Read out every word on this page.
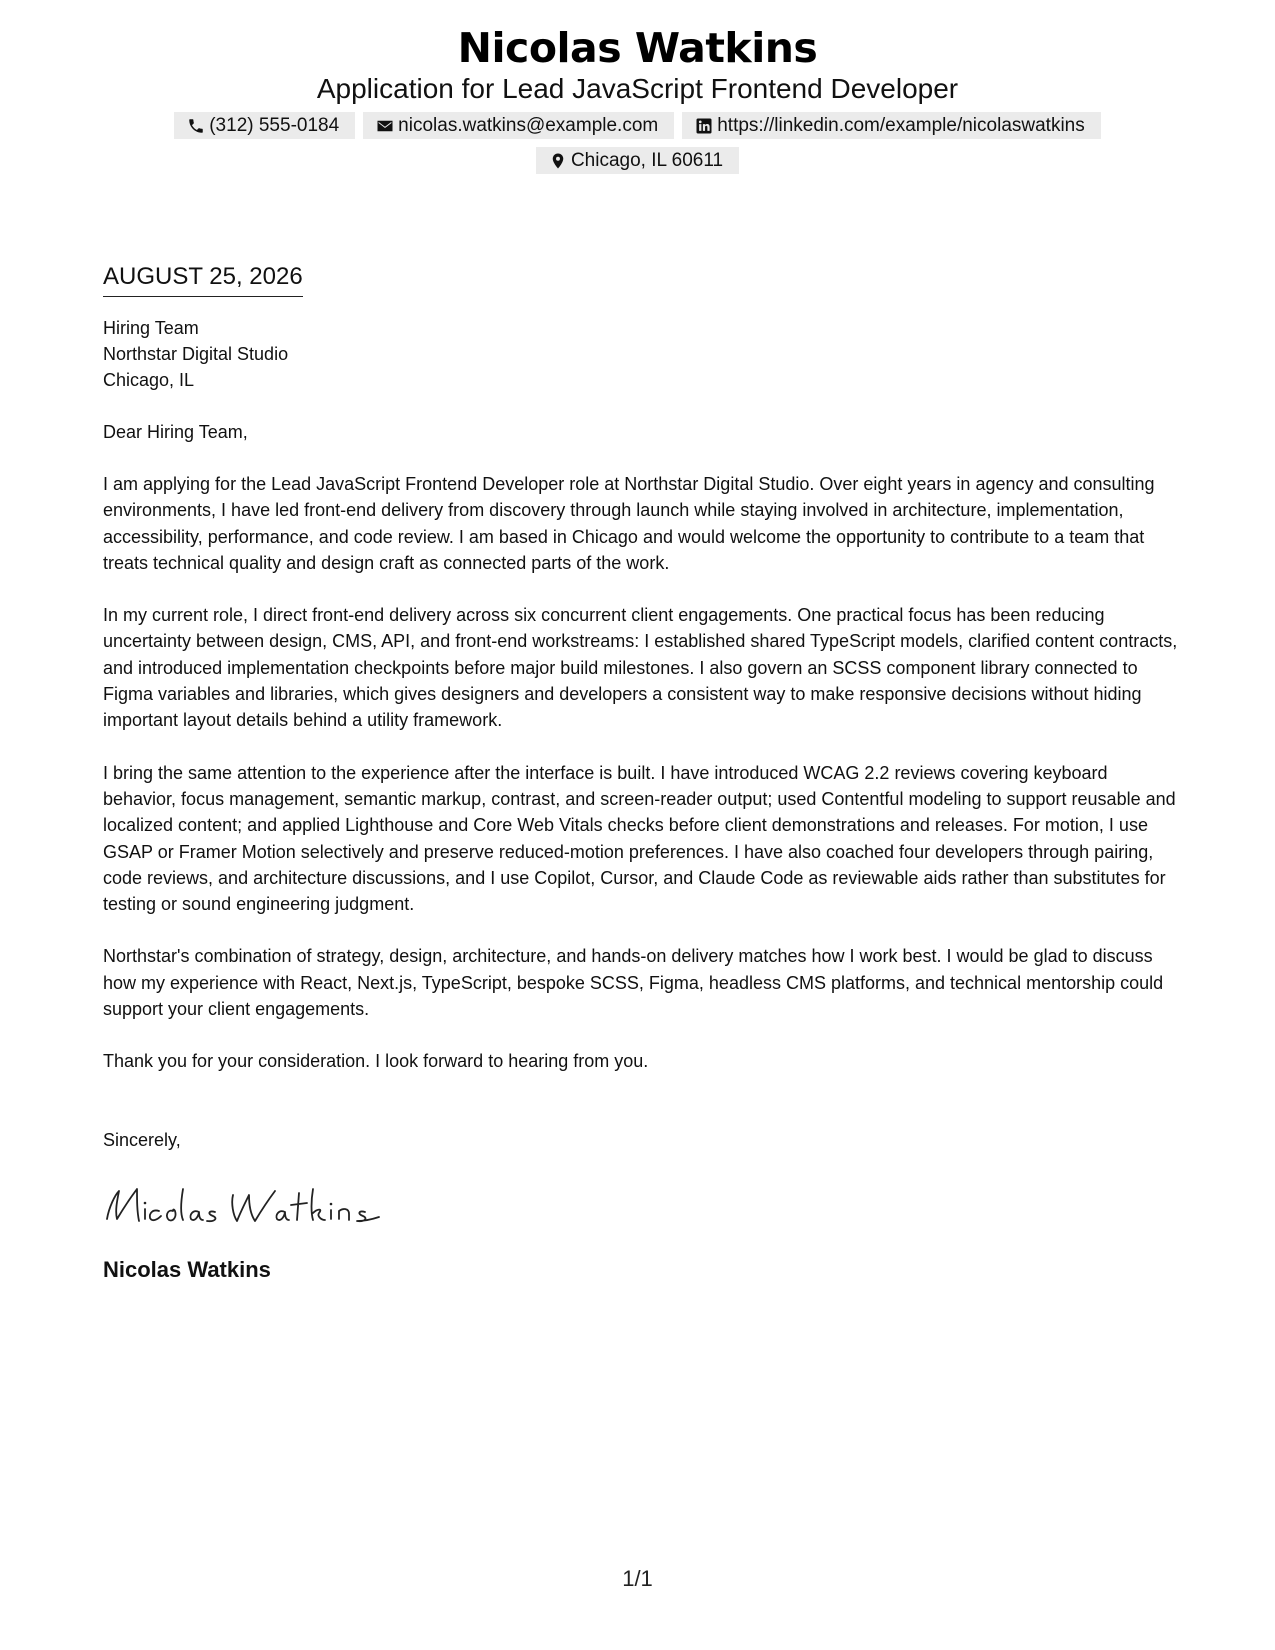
Nicolas Watkins
Application for Lead JavaScript Frontend Developer
(312) 555-0184	nicolas.watkins@example.com	https://linkedin.com/example/nicolaswatkins
Chicago, IL 60611
AUGUST 25, 2026
Hiring Team
Northstar Digital Studio
Chicago, IL
Dear Hiring Team,

I am applying for the Lead JavaScript Frontend Developer role at Northstar Digital Studio. Over eight years in agency and consulting environments, I have led front-end delivery from discovery through launch while staying involved in architecture, implementation, accessibility, performance, and code review. I am based in Chicago and would welcome the opportunity to contribute to a team that treats technical quality and design craft as connected parts of the work.

In my current role, I direct front-end delivery across six concurrent client engagements. One practical focus has been reducing uncertainty between design, CMS, API, and front-end workstreams: I established shared TypeScript models, clarified content contracts, and introduced implementation checkpoints before major build milestones. I also govern an SCSS component library connected to Figma variables and libraries, which gives designers and developers a consistent way to make responsive decisions without hiding important layout details behind a utility framework.

I bring the same attention to the experience after the interface is built. I have introduced WCAG 2.2 reviews covering keyboard behavior, focus management, semantic markup, contrast, and screen-reader output; used Contentful modeling to support reusable and localized content; and applied Lighthouse and Core Web Vitals checks before client demonstrations and releases. For motion, I use GSAP or Framer Motion selectively and preserve reduced-motion preferences. I have also coached four developers through pairing, code reviews, and architecture discussions, and I use Copilot, Cursor, and Claude Code as reviewable aids rather than substitutes for testing or sound engineering judgment.

Northstar's combination of strategy, design, architecture, and hands-on delivery matches how I work best. I would be glad to discuss how my experience with React, Next.js, TypeScript, bespoke SCSS, Figma, headless CMS platforms, and technical mentorship could support your client engagements.

Thank you for your consideration. I look forward to hearing from you.

Sincerely,
Nicolas Watkins
1/1
